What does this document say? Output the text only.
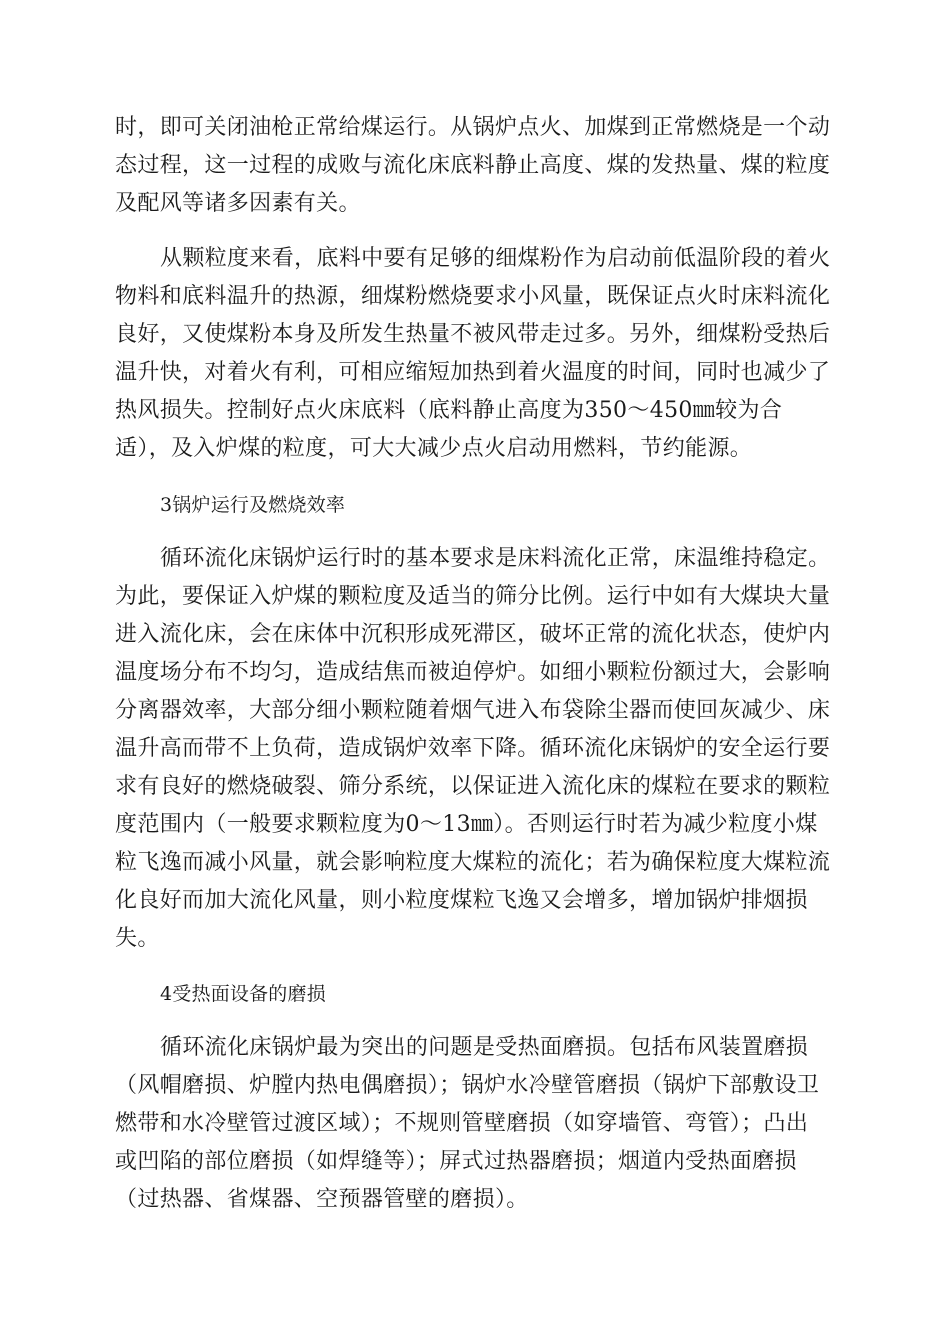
时，即可关闭油枪正常给煤运行。从锅炉点火、加煤到正常燃烧是一个动
态过程，这一过程的成败与流化床底料静止高度、煤的发热量、煤的粒度
及配风等诸多因素有关。
从颗粒度来看，底料中要有足够的细煤粉作为启动前低温阶段的着火
物料和底料温升的热源，细煤粉燃烧要求小风量，既保证点火时床料流化
良好，又使煤粉本身及所发生热量不被风带走过多。另外，细煤粉受热后
温升快，对着火有利，可相应缩短加热到着火温度的时间，同时也减少了
热风损失。控制好点火床底料（底料静止高度为350～450㎜较为合
适），及入炉煤的粒度，可大大减少点火启动用燃料，节约能源。
3锅炉运行及燃烧效率
循环流化床锅炉运行时的基本要求是床料流化正常，床温维持稳定。
为此，要保证入炉煤的颗粒度及适当的筛分比例。运行中如有大煤块大量
进入流化床，会在床体中沉积形成死滞区，破坏正常的流化状态，使炉内
温度场分布不均匀，造成结焦而被迫停炉。如细小颗粒份额过大，会影响
分离器效率，大部分细小颗粒随着烟气进入布袋除尘器而使回灰减少、床
温升高而带不上负荷，造成锅炉效率下降。循环流化床锅炉的安全运行要
求有良好的燃烧破裂、筛分系统，以保证进入流化床的煤粒在要求的颗粒
度范围内（一般要求颗粒度为0～13㎜）。否则运行时若为减少粒度小煤
粒飞逸而减小风量，就会影响粒度大煤粒的流化；若为确保粒度大煤粒流
化良好而加大流化风量，则小粒度煤粒飞逸又会增多，增加锅炉排烟损
失。
4受热面设备的磨损
循环流化床锅炉最为突出的问题是受热面磨损。包括布风装置磨损
（风帽磨损、炉膛内热电偶磨损）；锅炉水冷壁管磨损（锅炉下部敷设卫
燃带和水冷壁管过渡区域）；不规则管壁磨损（如穿墙管、弯管）；凸出
或凹陷的部位磨损（如焊缝等）；屏式过热器磨损；烟道内受热面磨损
（过热器、省煤器、空预器管壁的磨损）。
